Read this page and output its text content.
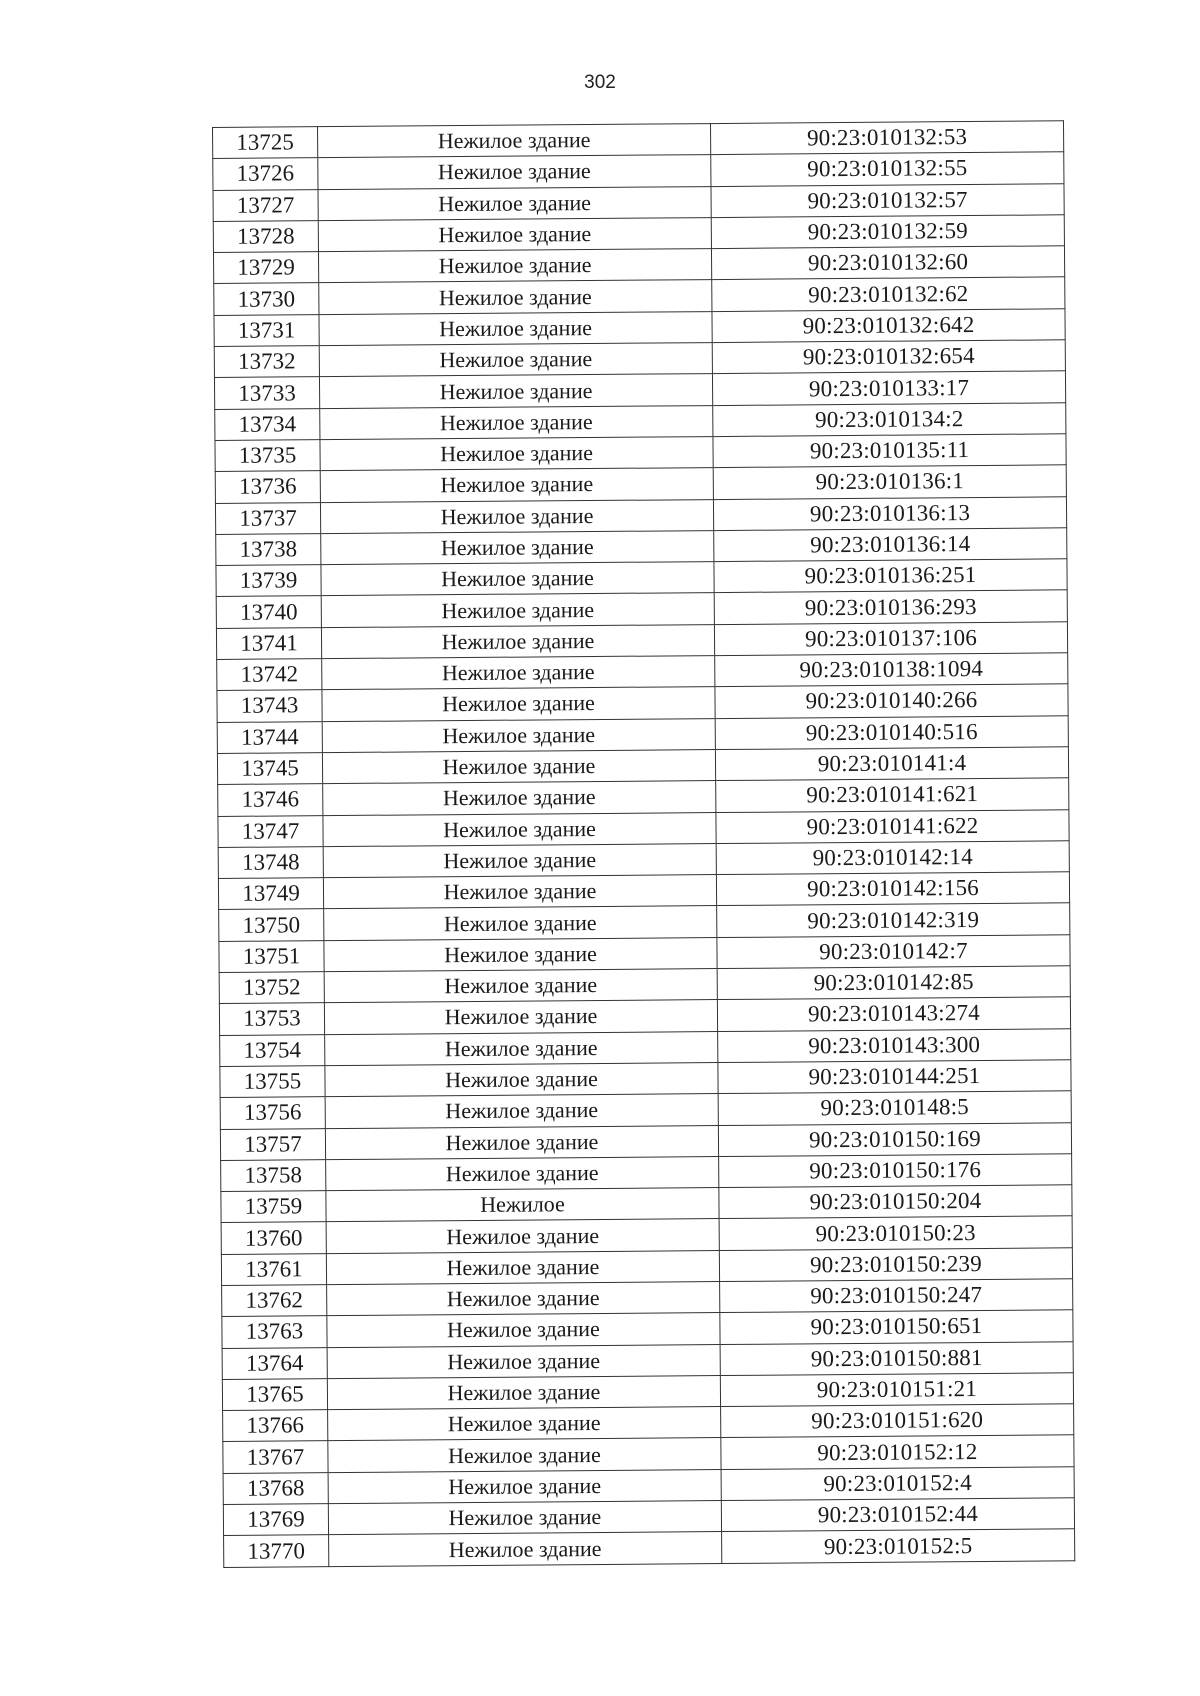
302
13725	Нежилое здание	90:23:010132:53
13726	Нежилое здание	90:23:010132:55
13727	Нежилое здание	90:23:010132:57
13728	Нежилое здание	90:23:010132:59
13729	Нежилое здание	90:23:010132:60
13730	Нежилое здание	90:23:010132:62
13731	Нежилое здание	90:23:010132:642
13732	Нежилое здание	90:23:010132:654
13733	Нежилое здание	90:23:010133:17
13734	Нежилое здание	90:23:010134:2
13735	Нежилое здание	90:23:010135:11
13736	Нежилое здание	90:23:010136:1
13737	Нежилое здание	90:23:010136:13
13738	Нежилое здание	90:23:010136:14
13739	Нежилое здание	90:23:010136:251
13740	Нежилое здание	90:23:010136:293
13741	Нежилое здание	90:23:010137:106
13742	Нежилое здание	90:23:010138:1094
13743	Нежилое здание	90:23:010140:266
13744	Нежилое здание	90:23:010140:516
13745	Нежилое здание	90:23:010141:4
13746	Нежилое здание	90:23:010141:621
13747	Нежилое здание	90:23:010141:622
13748	Нежилое здание	90:23:010142:14
13749	Нежилое здание	90:23:010142:156
13750	Нежилое здание	90:23:010142:319
13751	Нежилое здание	90:23:010142:7
13752	Нежилое здание	90:23:010142:85
13753	Нежилое здание	90:23:010143:274
13754	Нежилое здание	90:23:010143:300
13755	Нежилое здание	90:23:010144:251
13756	Нежилое здание	90:23:010148:5
13757	Нежилое здание	90:23:010150:169
13758	Нежилое здание	90:23:010150:176
13759	Нежилое	90:23:010150:204
13760	Нежилое здание	90:23:010150:23
13761	Нежилое здание	90:23:010150:239
13762	Нежилое здание	90:23:010150:247
13763	Нежилое здание	90:23:010150:651
13764	Нежилое здание	90:23:010150:881
13765	Нежилое здание	90:23:010151:21
13766	Нежилое здание	90:23:010151:620
13767	Нежилое здание	90:23:010152:12
13768	Нежилое здание	90:23:010152:4
13769	Нежилое здание	90:23:010152:44
13770	Нежилое здание	90:23:010152:5
